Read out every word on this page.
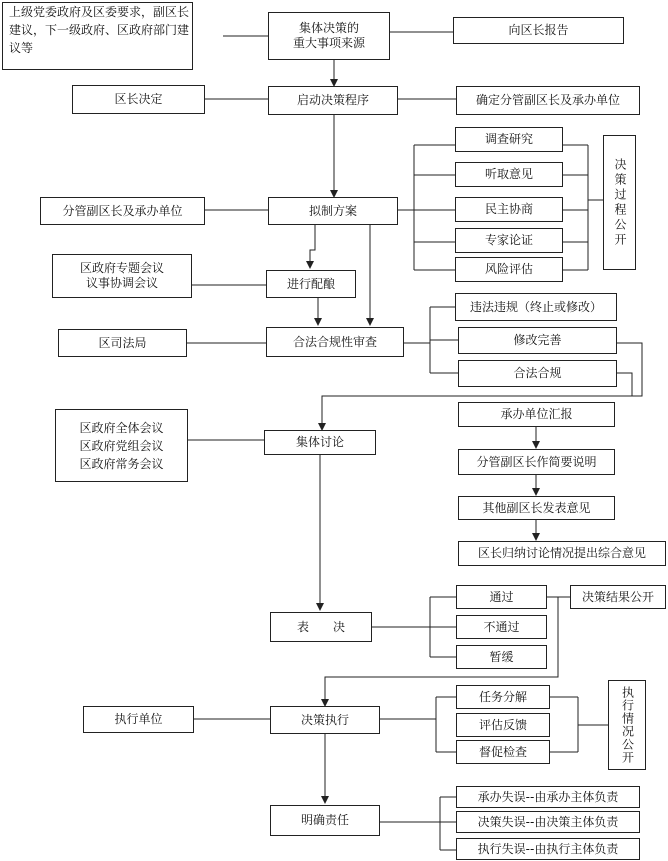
上级党委政府及区委要求，副区长建议，下一级政府、区政府部门建议等
集体决策的
重大事项来源
向区长报告
区长决定	启动决策程序	确定分管副区长及承办单位
调查研究
听取意见
民主协商
专家论证
风险评估
决策过程公开
分管副区长及承办单位	拟制方案
区政府专题会议
议事协调会议	进行配酿
区司法局	合法合规性审查
违法违规（终止或修改）
修改完善
合法合规
区政府全体会议
区政府党组会议
区政府常务会议
集体讨论
承办单位汇报
分管副区长作简要说明
其他副区长发表意见
区长归纳讨论情况提出综合意见
表　　决
通过	决策结果公开
不通过
暂缓
执行单位	决策执行
任务分解
评估反馈
督促检查	执行情况公开
明确责任
承办失误--由承办主体负责
决策失误--由决策主体负责
执行失误--由执行主体负责
